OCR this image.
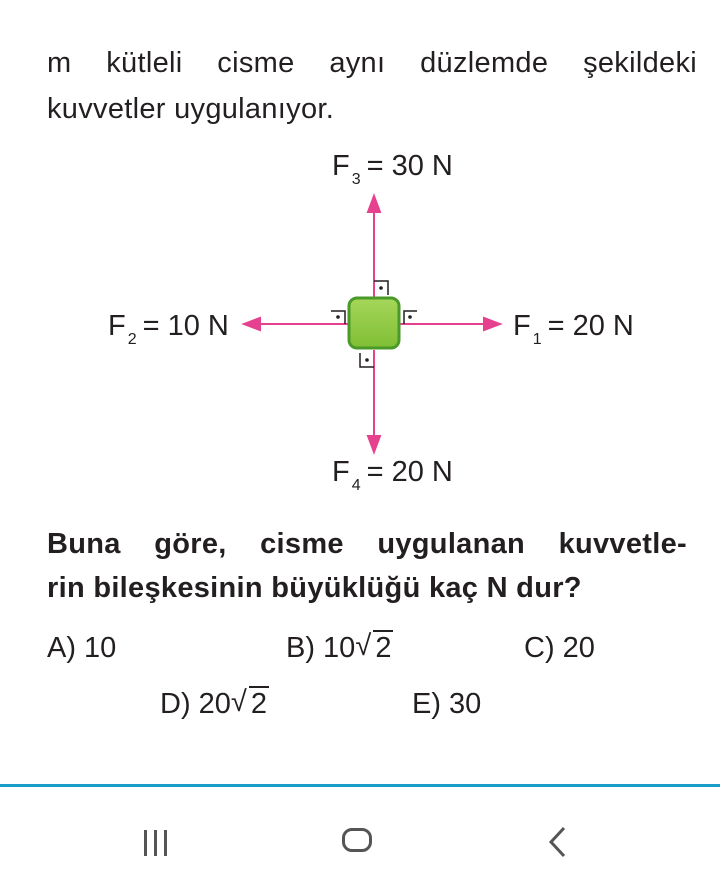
m kütleli cisme aynı düzlemde şekildeki
kuvvetler uygulanıyor.
F $_3$ = 30 N
F $_2$ = 10 N	F $_1$ = 20 N
F $_4$ = 20 N
Buna göre, cisme uygulanan kuvvetle-
rin bileşkesinin büyüklüğü kaç N dur?
A) 10	B) 10 √ 2	C) 20
D) 20 √ 2	E) 30
